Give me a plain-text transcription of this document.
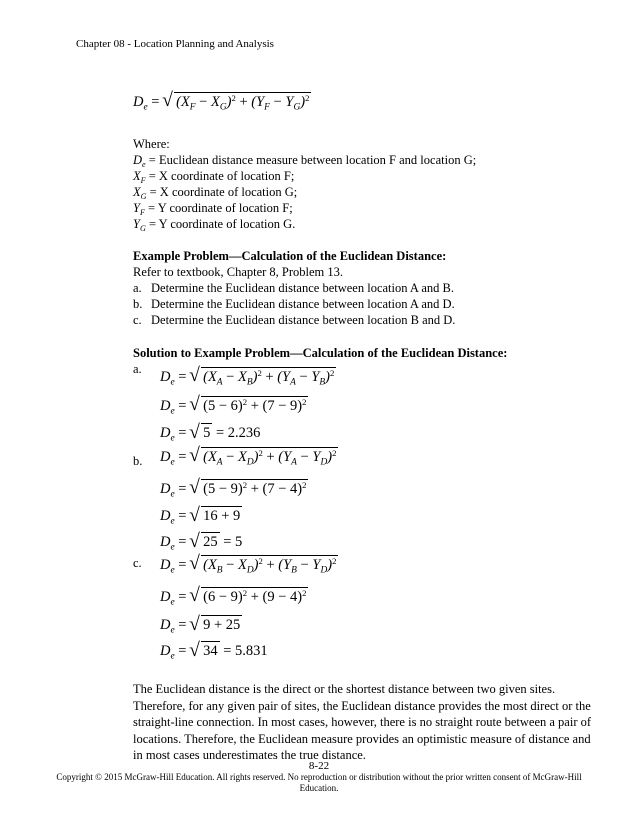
Chapter 08 - Location Planning and Analysis
$D_e$ = √ $(X_F - X_G)^2 + (Y_F - Y_G)^2$
Where:
$D_e$ = Euclidean distance measure between location F and location G;
$X_F = X$ coordinate of location F;
$X_G = X$ coordinate of location G;
$Y_F = Y$ coordinate of location F;
$Y_G = Y$ coordinate of location G.
Example Problem—Calculation of the Euclidean Distance:
Refer to textbook, Chapter 8, Problem 13.
a. Determine the Euclidean distance between location A and B.
b. Determine the Euclidean distance between location A and D.
c. Determine the Euclidean distance between location B and D.
Solution to Example Problem—Calculation of the Euclidean Distance:
a.
$D_e$ = √ $(X_A - X_B)^2 + (Y_A - Y_B)^2$
$D_e$ = √ $(5 - 6)^2 + (7 - 9)^2$
$D_e$ = √ 5 = 2.236
b. $D_e$ = √ $(X_A - X_D)^2 + (Y_A - Y_D)^2$
$D_e$ = √ $(5 - 9)^2 + (7 - 4)^2$
$D_e$ = √ 16 + 9
$D_e$ = √ 25 = 5
c. $D_e$ = √ $(X_B - X_D)^2 + (Y_B - Y_D)^2$
$D_e$ = √ $(6 - 9)^2 + (9 - 4)^2$
$D_e$ = √ 9 + 25
$D_e$ = √ 34 = 5.831
The Euclidean distance is the direct or the shortest distance between two given sites.
Therefore, for any given pair of sites, the Euclidean distance provides the most direct or the
straight-line connection. In most cases, however, there is no straight route between a pair of
locations. Therefore, the Euclidean measure provides an optimistic measure of distance and
in most cases underestimates the true distance.
8-22
Copyright © 2015 McGraw-Hill Education. All rights reserved. No reproduction or distribution without the prior written consent of McGraw-Hill
Education.
